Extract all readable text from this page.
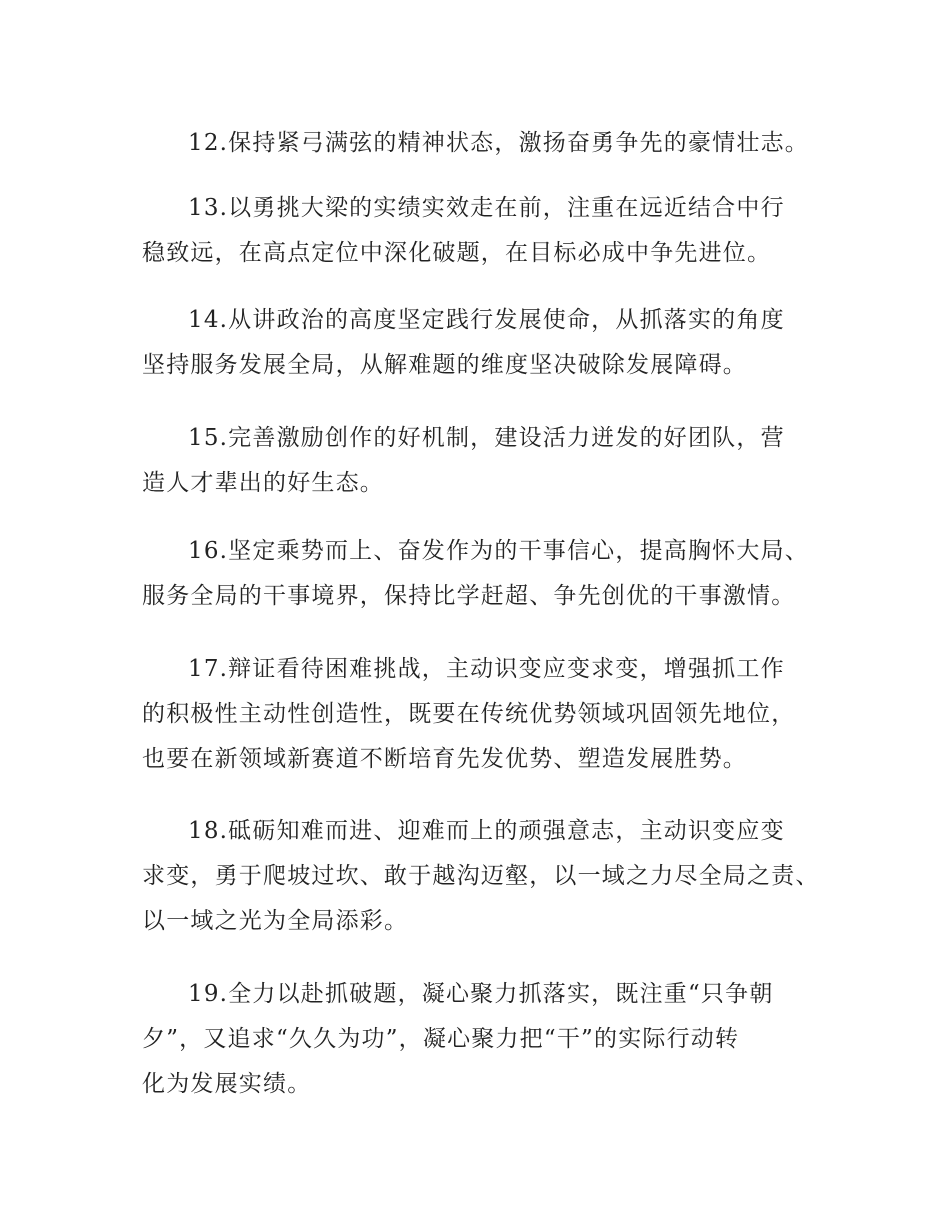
12.保持紧弓满弦的精神状态，激扬奋勇争先的豪情壮志。
13.以勇挑大梁的实绩实效走在前，注重在远近结合中行
稳致远，在高点定位中深化破题，在目标必成中争先进位。
14.从讲政治的高度坚定践行发展使命，从抓落实的角度
坚持服务发展全局，从解难题的维度坚决破除发展障碍。
15.完善激励创作的好机制，建设活力迸发的好团队，营
造人才辈出的好生态。
16.坚定乘势而上、奋发作为的干事信心，提高胸怀大局、
服务全局的干事境界，保持比学赶超、争先创优的干事激情。
17.辩证看待困难挑战，主动识变应变求变，增强抓工作
的积极性主动性创造性，既要在传统优势领域巩固领先地位，
也要在新领域新赛道不断培育先发优势、塑造发展胜势。
18.砥砺知难而进、迎难而上的顽强意志，主动识变应变
求变，勇于爬坡过坎、敢于越沟迈壑，以一域之力尽全局之责、
以一域之光为全局添彩。
19.全力以赴抓破题，凝心聚力抓落实，既注重“只争朝
夕”，又追求“久久为功”，凝心聚力把“干”的实际行动转
化为发展实绩。
